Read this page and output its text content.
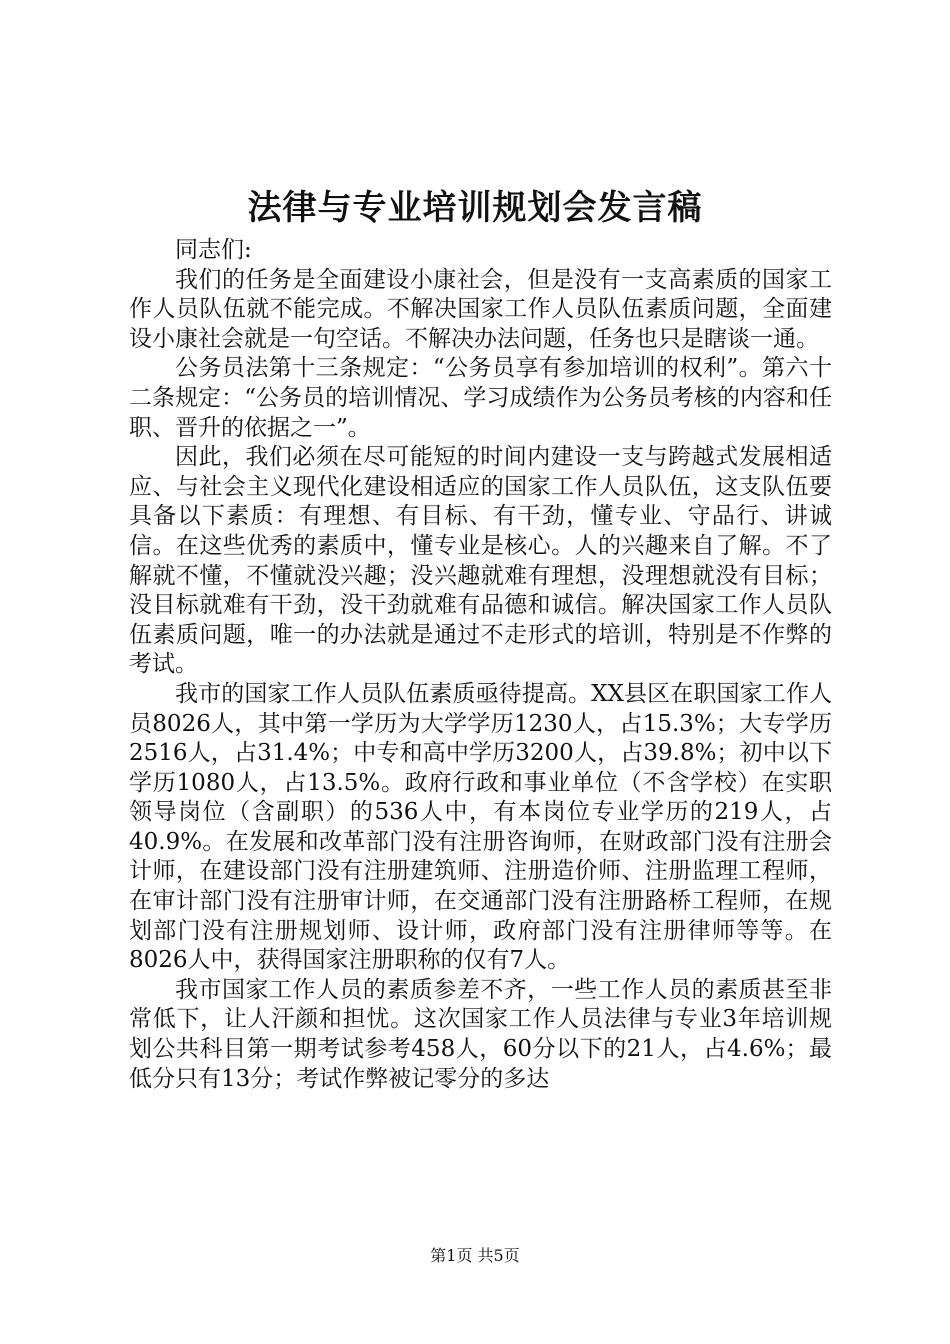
法律与专业培训规划会发言稿

同志们:

我们的任务是全面建设小康社会，但是没有一支高素质的国家工作人员队伍就不能完成。不解决国家工作人员队伍素质问题，全面建设小康社会就是一句空话。不解决办法问题，任务也只是瞎谈一通。

公务员法第十三条规定：“公务员享有参加培训的权利”。第六十二条规定：“公务员的培训情况、学习成绩作为公务员考核的内容和任职、晋升的依据之一”。

因此，我们必须在尽可能短的时间内建设一支与跨越式发展相适应、与社会主义现代化建设相适应的国家工作人员队伍，这支队伍要具备以下素质：有理想、有目标、有干劲，懂专业、守品行、讲诚信。在这些优秀的素质中，懂专业是核心。人的兴趣来自了解。不了解就不懂，不懂就没兴趣；没兴趣就难有理想，没理想就没有目标；没目标就难有干劲，没干劲就难有品德和诚信。解决国家工作人员队伍素质问题，唯一的办法就是通过不走形式的培训，特别是不作弊的考试。

我市的国家工作人员队伍素质亟待提高。XX县区在职国家工作人员8026人，其中第一学历为大学学历1230人，占15.3%；大专学历2516人，占31.4%；中专和高中学历3200人，占39.8%；初中以下学历1080人，占13.5%。政府行政和事业单位（不含学校）在实职领导岗位（含副职）的536人中，有本岗位专业学历的219人，占40.9%。在发展和改革部门没有注册咨询师，在财政部门没有注册会计师，在建设部门没有注册建筑师、注册造价师、注册监理工程师，在审计部门没有注册审计师，在交通部门没有注册路桥工程师，在规划部门没有注册规划师、设计师，政府部门没有注册律师等等。在8026人中，获得国家注册职称的仅有7人。

我市国家工作人员的素质参差不齐，一些工作人员的素质甚至非常低下，让人汗颜和担忧。这次国家工作人员法律与专业3年培训规划公共科目第一期考试参考458人，60分以下的21人，占4.6%；最低分只有13分；考试作弊被记零分的多达

第1页 共5页
